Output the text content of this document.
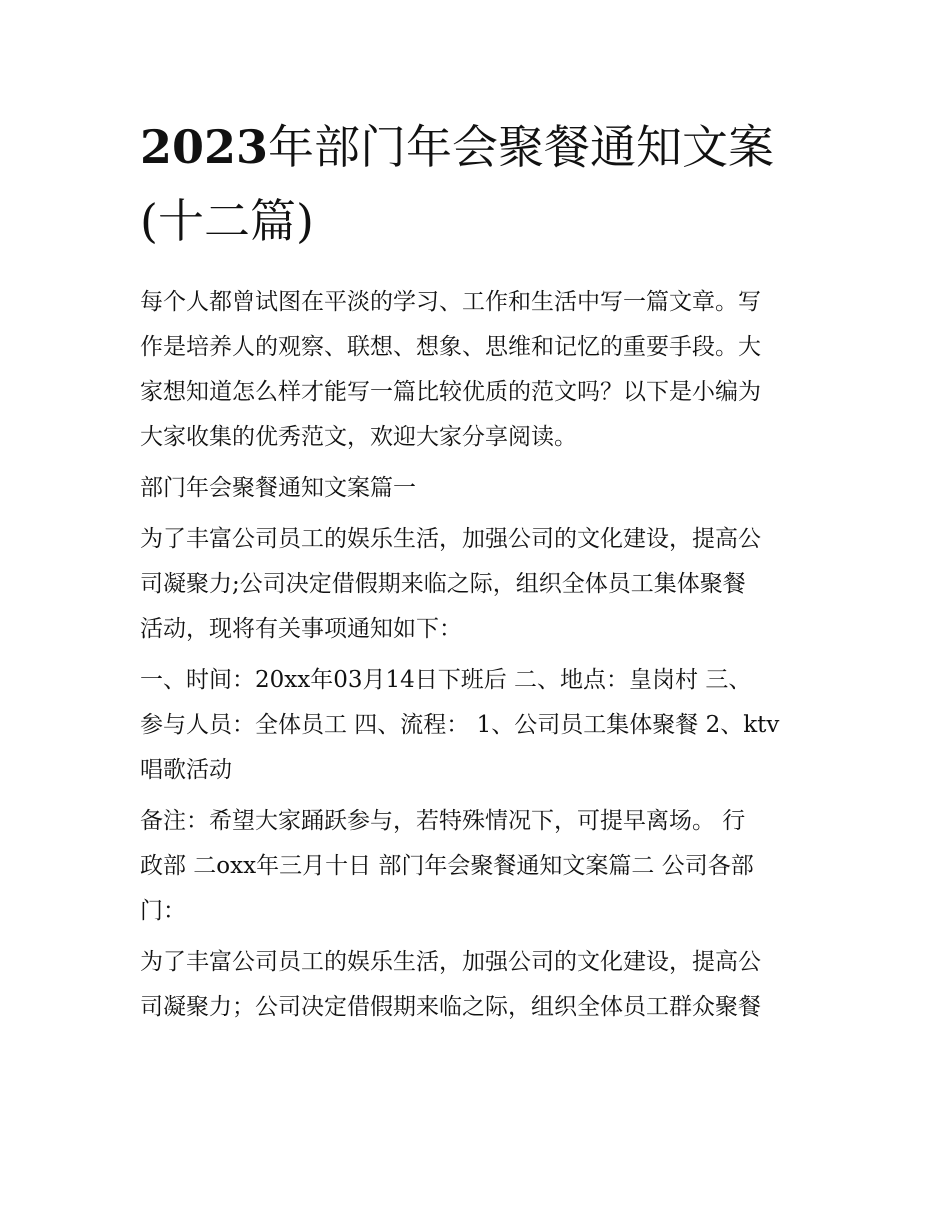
2023年部门年会聚餐通知文案
(十二篇)
每个人都曾试图在平淡的学习、工作和生活中写一篇文章。写
作是培养人的观察、联想、想象、思维和记忆的重要手段。大
家想知道怎么样才能写一篇比较优质的范文吗？以下是小编为
大家收集的优秀范文，欢迎大家分享阅读。
部门年会聚餐通知文案篇一
为了丰富公司员工的娱乐生活，加强公司的文化建设，提高公
司凝聚力;公司决定借假期来临之际，组织全体员工集体聚餐
活动，现将有关事项通知如下：
一、时间：20xx年03月14日下班后 二、地点：皇岗村 三、
参与人员：全体员工 四、流程： 1、公司员工集体聚餐 2、ktv
唱歌活动
备注：希望大家踊跃参与，若特殊情况下，可提早离场。 行
政部 二oxx年三月十日 部门年会聚餐通知文案篇二 公司各部
门：
为了丰富公司员工的娱乐生活，加强公司的文化建设，提高公
司凝聚力；公司决定借假期来临之际，组织全体员工群众聚餐
